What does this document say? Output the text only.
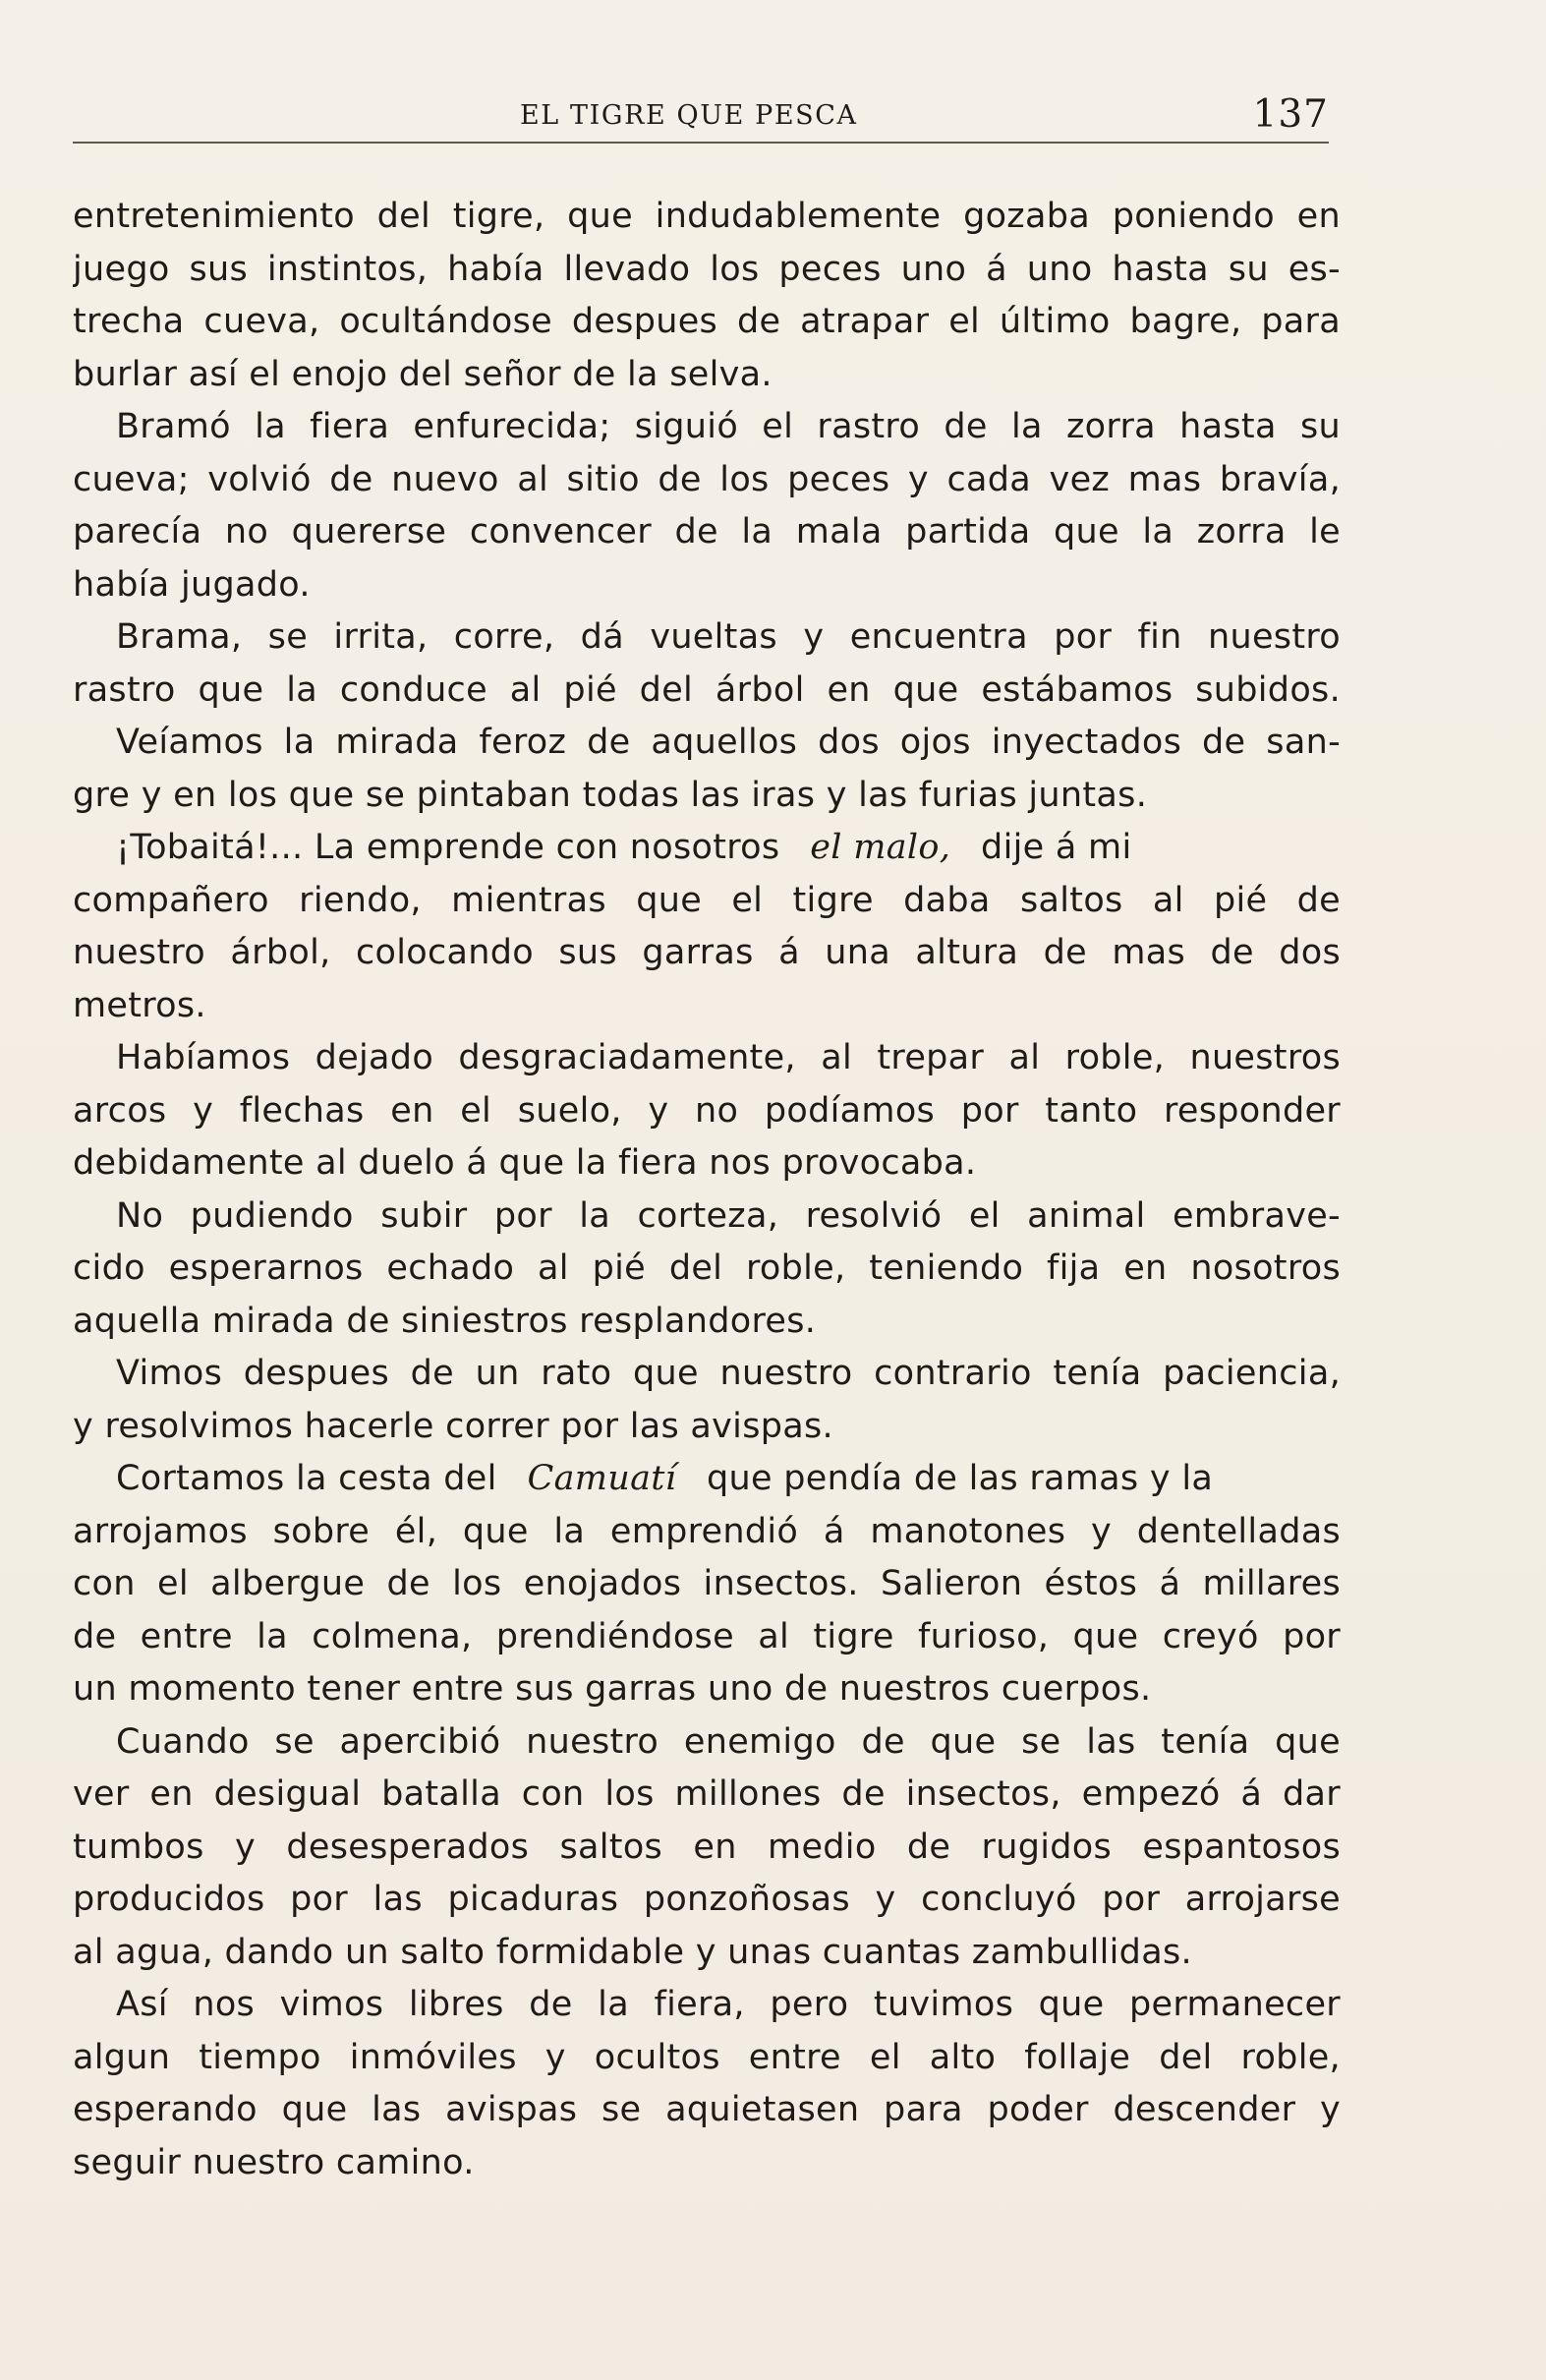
EL TIGRE QUE PESCA	137
entretenimiento del tigre, que indudablemente gozaba poniendo en
juego sus instintos, había llevado los peces uno á uno hasta su es-
trecha cueva, ocultándose despues de atrapar el último bagre, para
burlar así el enojo del señor de la selva.
Bramó la fiera enfurecida; siguió el rastro de la zorra hasta su
cueva; volvió de nuevo al sitio de los peces y cada vez mas bravía,
parecía no quererse convencer de la mala partida que la zorra le
había jugado.
Brama, se irrita, corre, dá vueltas y encuentra por fin nuestro
rastro que la conduce al pié del árbol en que estábamos subidos.
Veíamos la mirada feroz de aquellos dos ojos inyectados de san-
gre y en los que se pintaban todas las iras y las furias juntas.
¡Tobaitá!... La emprende con nosotros el malo, dije á mi
compañero riendo, mientras que el tigre daba saltos al pié de
nuestro árbol, colocando sus garras á una altura de mas de dos
metros.
Habíamos dejado desgraciadamente, al trepar al roble, nuestros
arcos y flechas en el suelo, y no podíamos por tanto responder
debidamente al duelo á que la fiera nos provocaba.
No pudiendo subir por la corteza, resolvió el animal embrave-
cido esperarnos echado al pié del roble, teniendo fija en nosotros
aquella mirada de siniestros resplandores.
Vimos despues de un rato que nuestro contrario tenía paciencia,
y resolvimos hacerle correr por las avispas.
Cortamos la cesta del Camuatí que pendía de las ramas y la
arrojamos sobre él, que la emprendió á manotones y dentelladas
con el albergue de los enojados insectos. Salieron éstos á millares
de entre la colmena, prendiéndose al tigre furioso, que creyó por
un momento tener entre sus garras uno de nuestros cuerpos.
Cuando se apercibió nuestro enemigo de que se las tenía que
ver en desigual batalla con los millones de insectos, empezó á dar
tumbos y desesperados saltos en medio de rugidos espantosos
producidos por las picaduras ponzoñosas y concluyó por arrojarse
al agua, dando un salto formidable y unas cuantas zambullidas.
Así nos vimos libres de la fiera, pero tuvimos que permanecer
algun tiempo inmóviles y ocultos entre el alto follaje del roble,
esperando que las avispas se aquietasen para poder descender y
seguir nuestro camino.
